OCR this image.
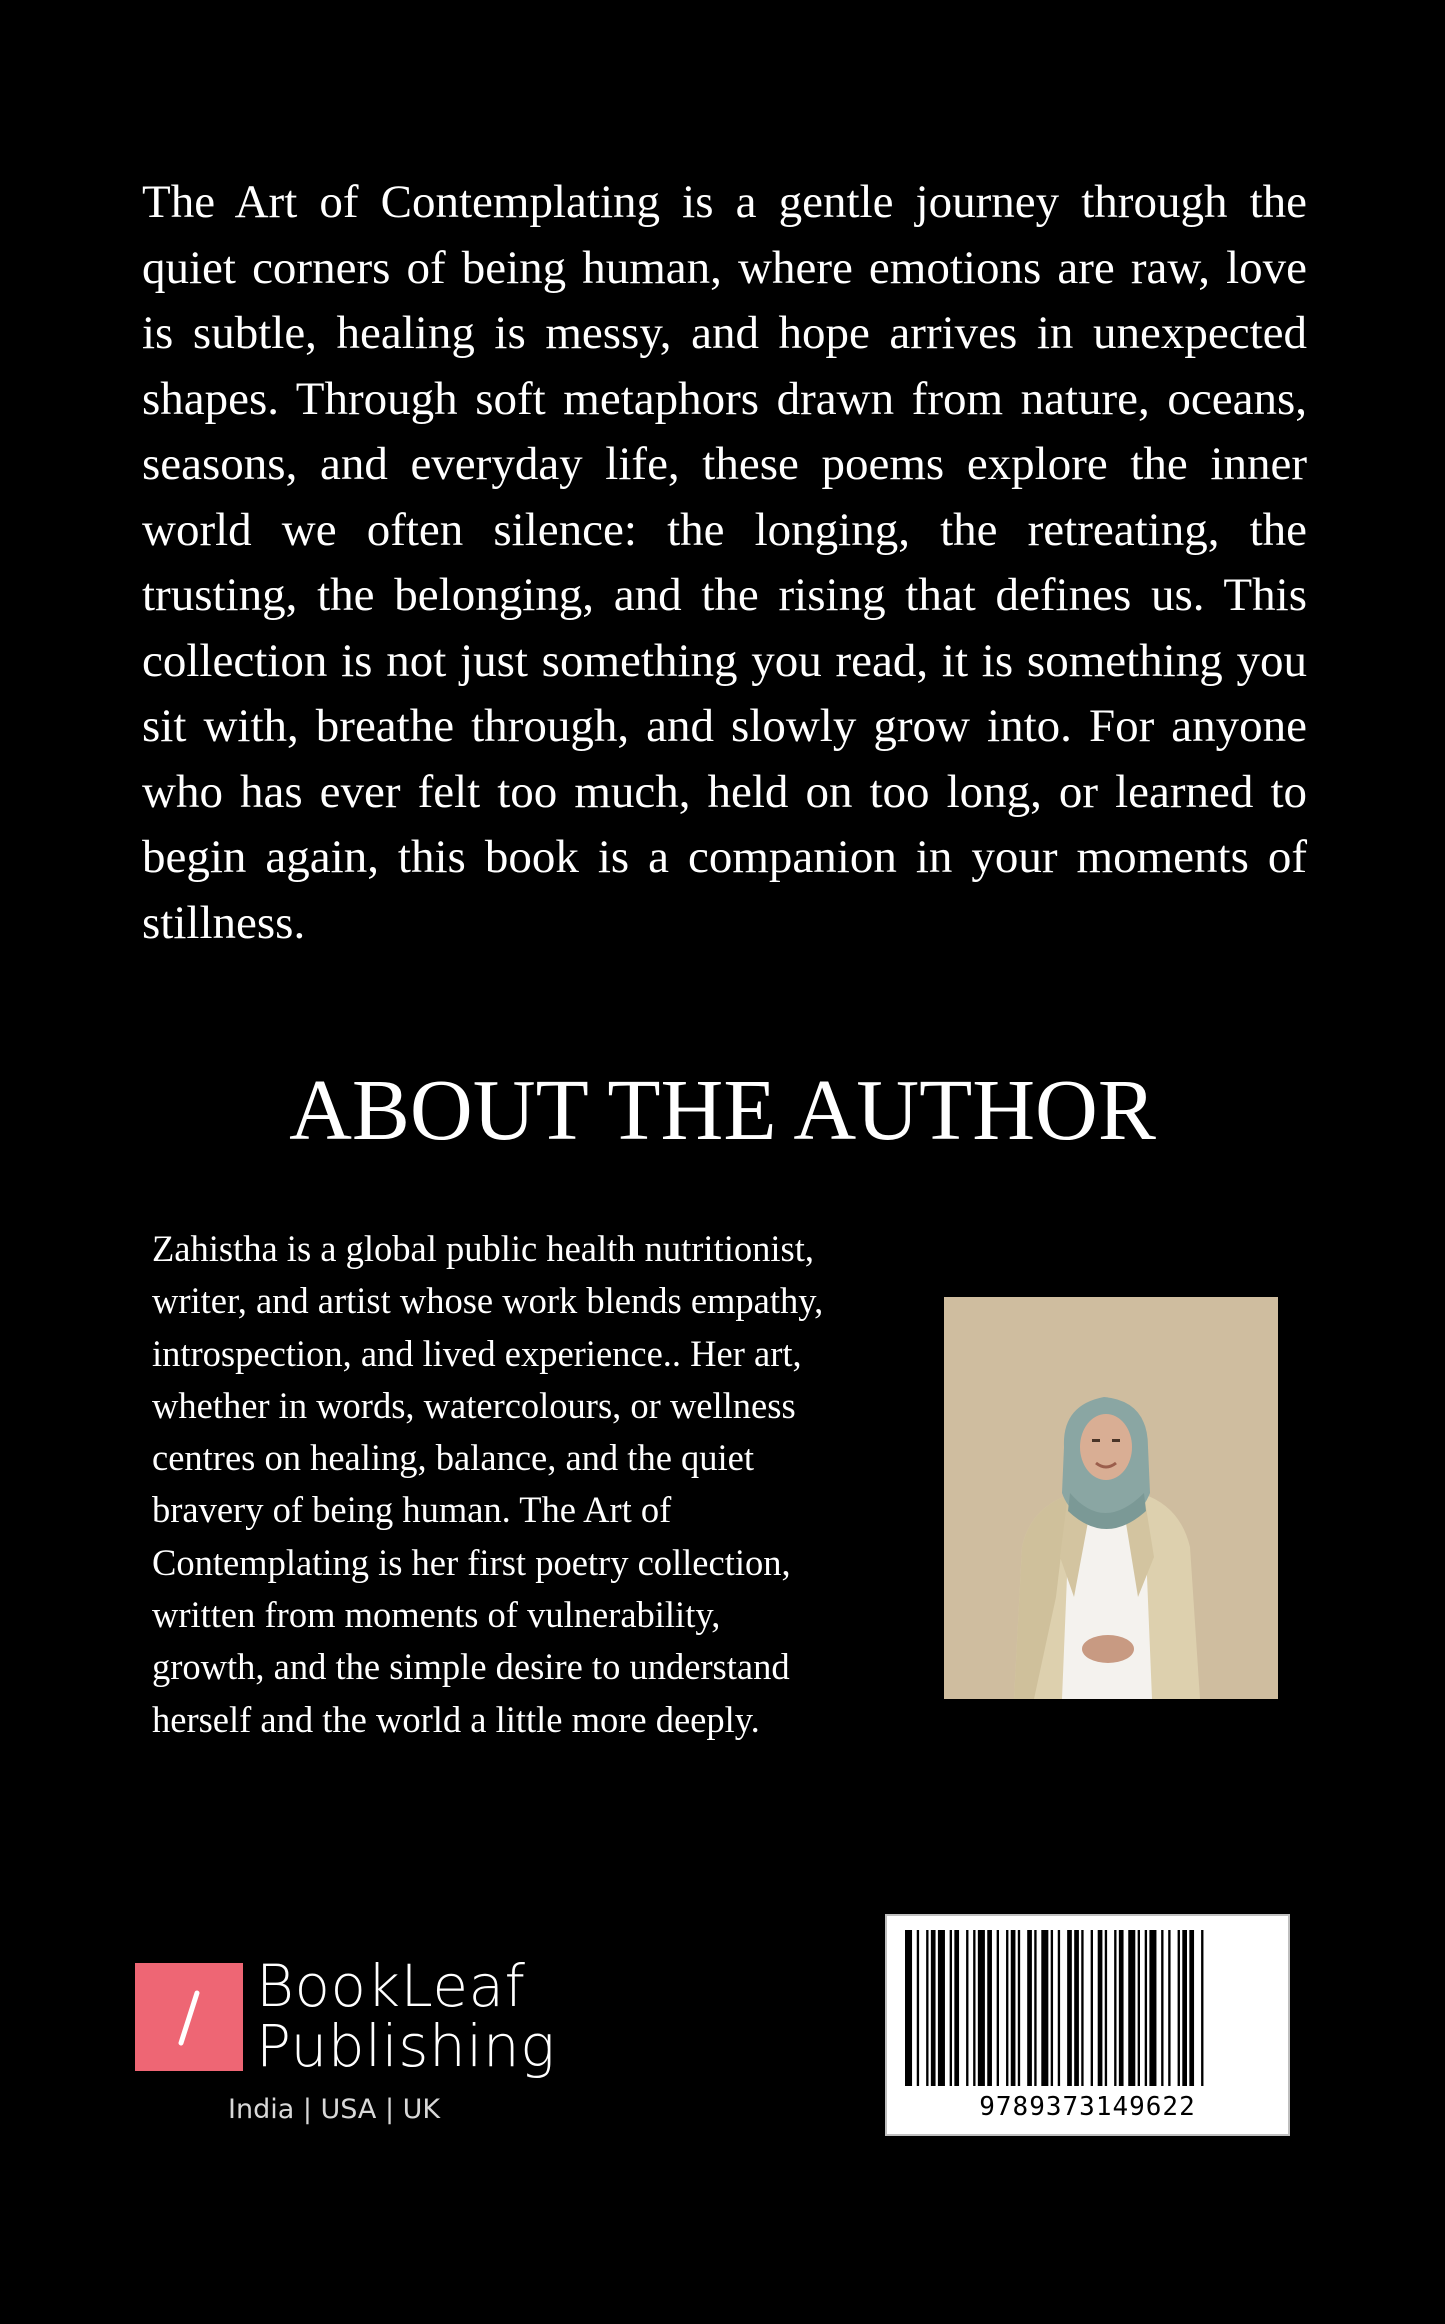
The Art of Contemplating is a gentle journey through the quiet corners of being human, where emotions are raw, love is subtle, healing is messy, and hope arrives in unexpected shapes. Through soft metaphors drawn from nature, oceans, seasons, and everyday life, these poems explore the inner world we often silence: the longing, the retreating, the trusting, the belonging, and the rising that defines us. This collection is not just something you read, it is something you sit with, breathe through, and slowly grow into. For anyone who has ever felt too much, held on too long, or learned to begin again, this book is a companion in your moments of stillness.

ABOUT THE AUTHOR
Zahistha is a global public health nutritionist,
writer, and artist whose work blends empathy,
introspection, and lived experience.. Her art,
whether in words, watercolours, or wellness
centres on healing, balance, and the quiet
bravery of being human. The Art of
Contemplating is her first poetry collection,
written from moments of vulnerability,
growth, and the simple desire to understand
herself and the world a little more deeply.
BookLeaf
Publishing
India | USA | UK	9789373149622
